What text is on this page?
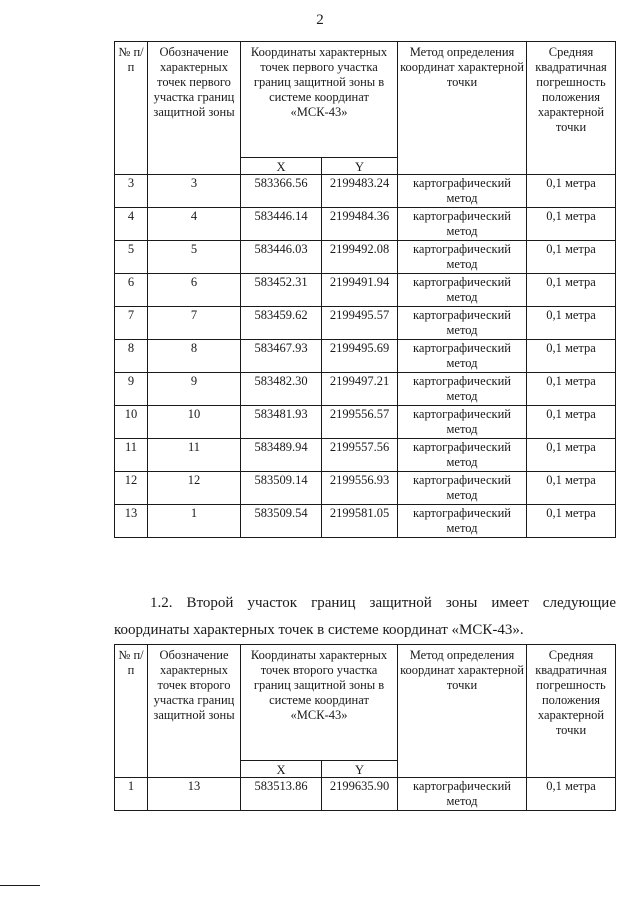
2
№ п/п	Обозначение характерных точек первого участка границ защитной зоны	Координаты характерных точек первого участка границ защитной зоны в системе координат «МСК-43»		Метод определения координат характерной точки	Средняя квадратичная погрешность положения характерной точки
		X	Y		
3	3	583366.56	2199483.24	картографический метод	0,1 метра
4	4	583446.14	2199484.36	картографический метод	0,1 метра
5	5	583446.03	2199492.08	картографический метод	0,1 метра
6	6	583452.31	2199491.94	картографический метод	0,1 метра
7	7	583459.62	2199495.57	картографический метод	0,1 метра
8	8	583467.93	2199495.69	картографический метод	0,1 метра
9	9	583482.30	2199497.21	картографический метод	0,1 метра
10	10	583481.93	2199556.57	картографический метод	0,1 метра
11	11	583489.94	2199557.56	картографический метод	0,1 метра
12	12	583509.14	2199556.93	картографический метод	0,1 метра
13	1	583509.54	2199581.05	картографический метод	0,1 метра
1.2. Второй участок границ защитной зоны имеет следующие
координаты характерных точек в системе координат «МСК-43».
№ п/п	Обозначение характерных точек второго участка границ защитной зоны	Координаты характерных точек второго участка границ защитной зоны в системе координат «МСК-43»		Метод определения координат характерной точки	Средняя квадратичная погрешность положения характерной точки
		X	Y		
1	13	583513.86	2199635.90	картографический метод	0,1 метра
